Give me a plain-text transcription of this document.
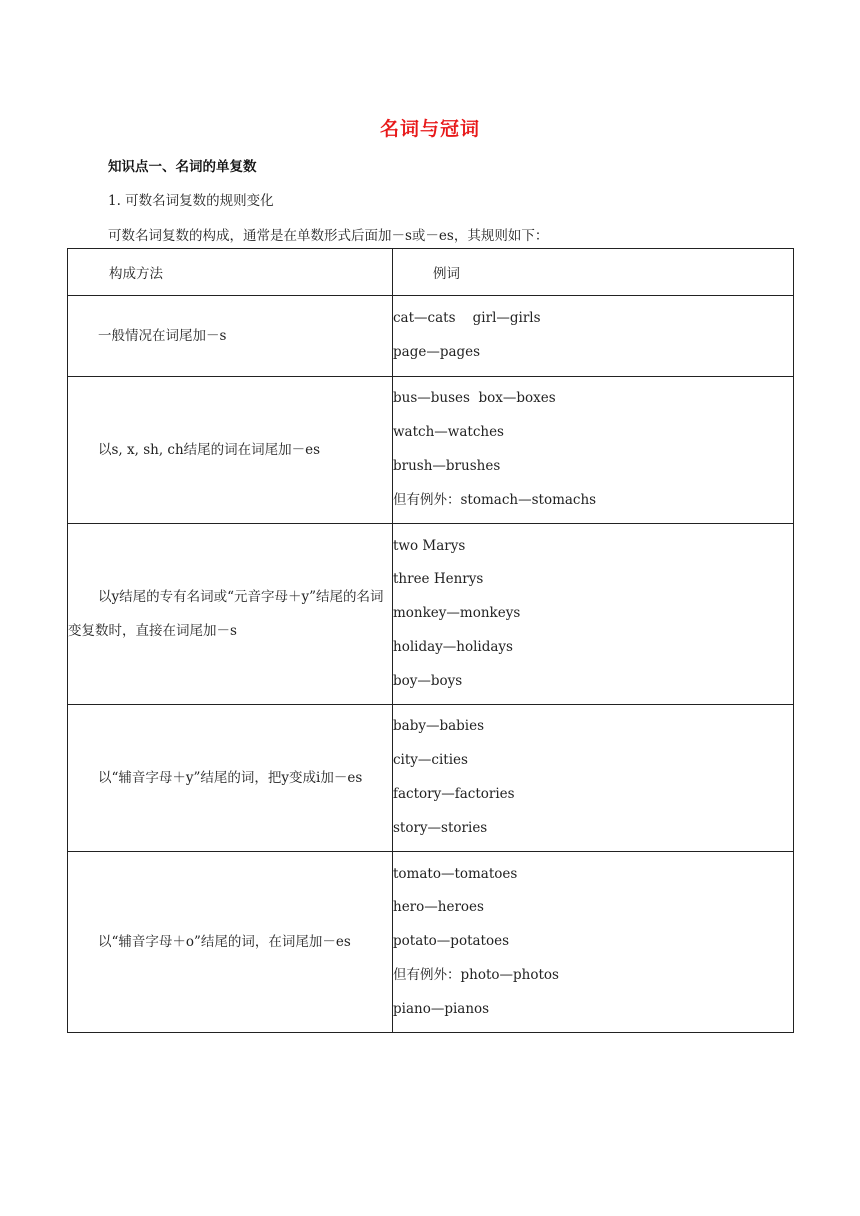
名词与冠词
知识点一、名词的单复数
1. 可数名词复数的规则变化
可数名词复数的构成，通常是在单数形式后面加－s或－es，其规则如下：
构成方法	例词

一般情况在词尾加－s	cat—cats    girl—girls
page—pages

以s, x, sh, ch结尾的词在词尾加－es	bus—buses  box—boxes
watch—watches
brush—brushes
但有例外：stomach—stomachs

以y结尾的专有名词或“元音字母＋y”结尾的名词变复数时，直接在词尾加－s	two Marys
three Henrys
monkey—monkeys
holiday—holidays
boy—boys

以“辅音字母＋y”结尾的词，把y变成i加－es	baby—babies
city—cities
factory—factories
story—stories

以“辅音字母＋o”结尾的词，在词尾加－es	tomato—tomatoes
hero—heroes
potato—potatoes
但有例外：photo—photos
piano—pianos
